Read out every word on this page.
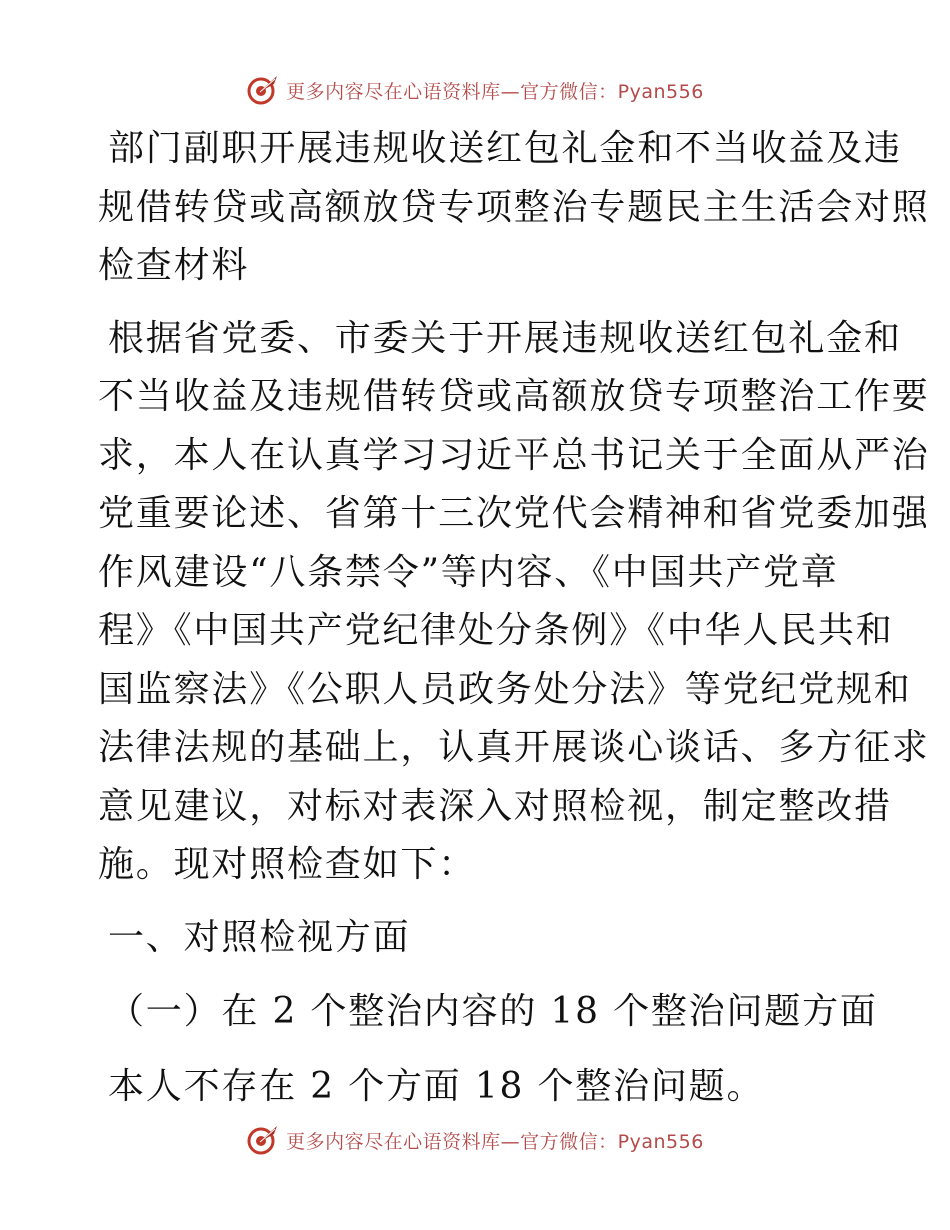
更多内容尽在心语资料库—官方微信：Pyan556

部门副职开展违规收送红包礼金和不当收益及违

规借转贷或高额放贷专项整治专题民主生活会对照

检查材料

根据省党委、市委关于开展违规收送红包礼金和

不当收益及违规借转贷或高额放贷专项整治工作要

求，本人在认真学习习近平总书记关于全面从严治

党重要论述、省第十三次党代会精神和省党委加强

作风建设“八条禁令”等内容、《中国共产党章

程》《中国共产党纪律处分条例》《中华人民共和

国监察法》《公职人员政务处分法》等党纪党规和

法律法规的基础上，认真开展谈心谈话、多方征求

意见建议，对标对表深入对照检视，制定整改措

施。现对照检查如下：

一、对照检视方面

（一）在 2 个整治内容的 18 个整治问题方面

本人不存在 2 个方面 18 个整治问题。

更多内容尽在心语资料库—官方微信：Pyan556
